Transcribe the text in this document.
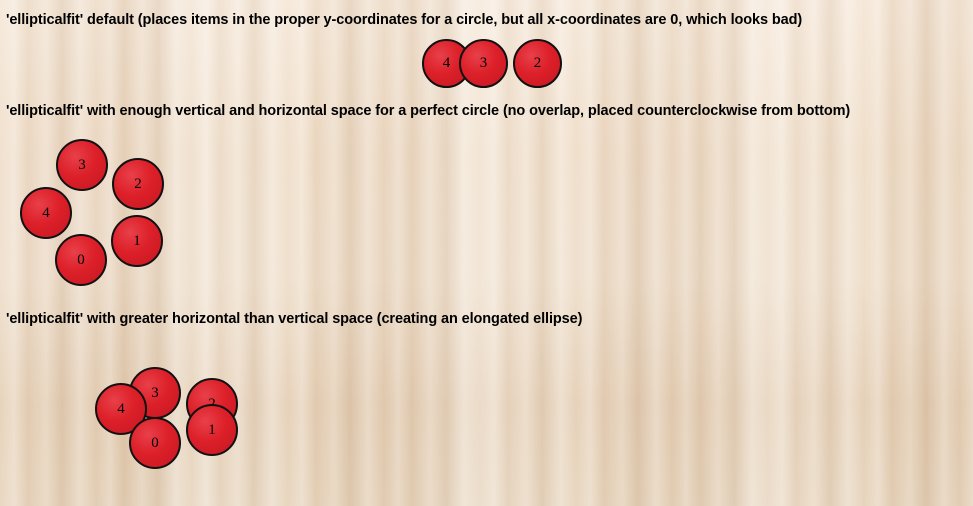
'ellipticalfit' default (places items in the proper y-coordinates for a circle, but all x-coordinates are 0, which looks bad)
'ellipticalfit' with enough vertical and horizontal space for a perfect circle (no overlap, placed counterclockwise from bottom)
'ellipticalfit' with greater horizontal than vertical space (creating an elongated ellipse)
4 3	2
3
2
4
1
0
3
4
1
0
